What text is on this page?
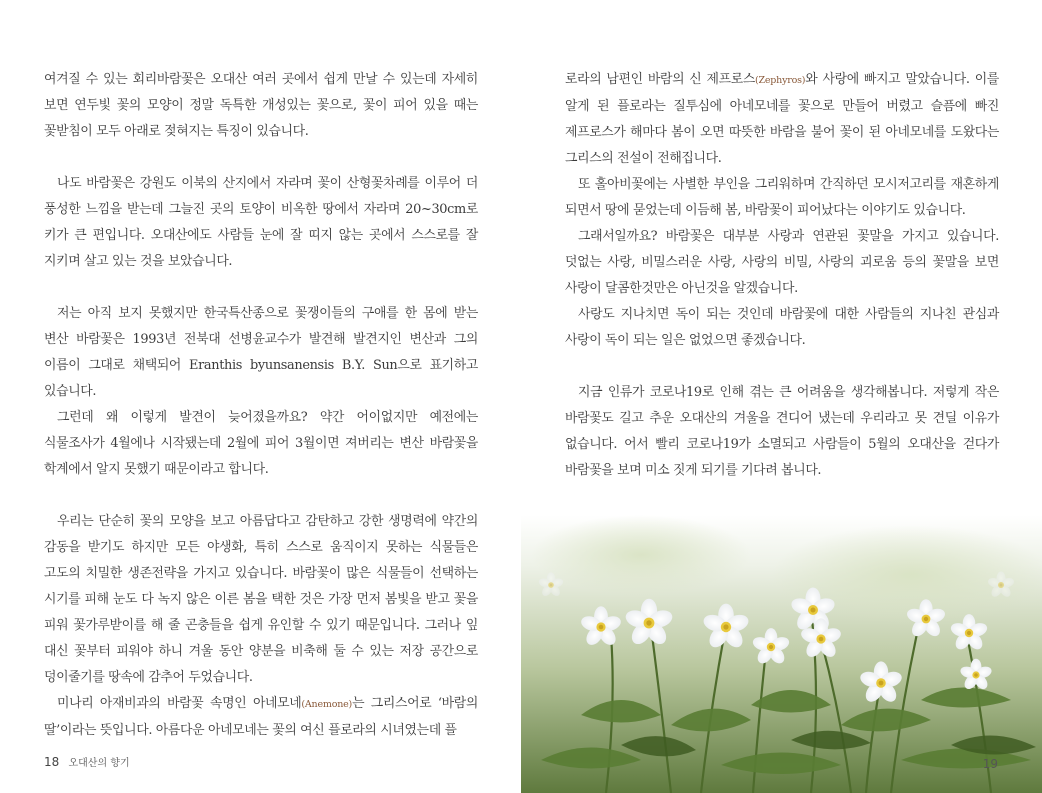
여겨질 수 있는 회리바람꽃은 오대산 여러 곳에서 쉽게 만날 수 있는데 자세히 보면 연두빛 꽃의 모양이 정말 독특한 개성있는 꽃으로, 꽃이 피어 있을 때는 꽃받침이 모두 아래로 젖혀지는 특징이 있습니다.

나도 바람꽃은 강원도 이북의 산지에서 자라며 꽃이 산형꽃차례를 이루어 더 풍성한 느낌을 받는데 그늘진 곳의 토양이 비옥한 땅에서 자라며 20~30cm로 키가 큰 편입니다. 오대산에도 사람들 눈에 잘 띠지 않는 곳에서 스스로를 잘 지키며 살고 있는 것을 보았습니다.

저는 아직 보지 못했지만 한국특산종으로 꽃쟁이들의 구애를 한 몸에 받는 변산 바람꽃은 1993년 전북대 선병윤교수가 발견해 발견지인 변산과 그의 이름이 그대로 채택되어 Eranthis byunsanensis B.Y. Sun으로 표기하고 있습니다.

그런데 왜 이렇게 발견이 늦어졌을까요? 약간 어이없지만 예전에는 식물조사가 4월에나 시작됐는데 2월에 피어 3월이면 져버리는 변산 바람꽃을 학계에서 알지 못했기 때문이라고 합니다.

우리는 단순히 꽃의 모양을 보고 아름답다고 감탄하고 강한 생명력에 약간의 감동을 받기도 하지만 모든 야생화, 특히 스스로 움직이지 못하는 식물들은 고도의 치밀한 생존전략을 가지고 있습니다. 바람꽃이 많은 식물들이 선택하는 시기를 피해 눈도 다 녹지 않은 이른 봄을 택한 것은 가장 먼저 봄빛을 받고 꽃을 피워 꽃가루받이를 해 줄 곤충들을 쉽게 유인할 수 있기 때문입니다. 그러나 잎 대신 꽃부터 피워야 하니 겨울 동안 양분을 비축해 둘 수 있는 저장 공간으로 덩이줄기를 땅속에 감추어 두었습니다.

미나리 아재비과의 바람꽃 속명인 아네모네(Anemone)는 그리스어로 ‘바람의 딸’이라는 뜻입니다. 아름다운 아네모네는 꽃의 여신 플로라의 시녀였는데 플

18 오대산의 향기

로라의 남편인 바람의 신 제프로스(Zephyros)와 사랑에 빠지고 말았습니다. 이를 알게 된 플로라는 질투심에 아네모네를 꽃으로 만들어 버렸고 슬픔에 빠진 제프로스가 해마다 봄이 오면 따뜻한 바람을 불어 꽃이 된 아네모네를 도왔다는 그리스의 전설이 전해집니다.

또 홀아비꽃에는 사별한 부인을 그리워하며 간직하던 모시저고리를 재혼하게 되면서 땅에 묻었는데 이듬해 봄, 바람꽃이 피어났다는 이야기도 있습니다.

그래서일까요? 바람꽃은 대부분 사랑과 연관된 꽃말을 가지고 있습니다. 덧없는 사랑, 비밀스러운 사랑, 사랑의 비밀, 사랑의 괴로움 등의 꽃말을 보면 사랑이 달콤한것만은 아닌것을 알겠습니다.

사랑도 지나치면 독이 되는 것인데 바람꽃에 대한 사람들의 지나친 관심과 사랑이 독이 되는 일은 없었으면 좋겠습니다.

지금 인류가 코로나19로 인해 겪는 큰 어려움을 생각해봅니다. 저렇게 작은 바람꽃도 길고 추운 오대산의 겨울을 견디어 냈는데 우리라고 못 견딜 이유가 없습니다. 어서 빨리 코로나19가 소멸되고 사람들이 5월의 오대산을 걷다가 바람꽃을 보며 미소 짓게 되기를 기다려 봅니다.

19
